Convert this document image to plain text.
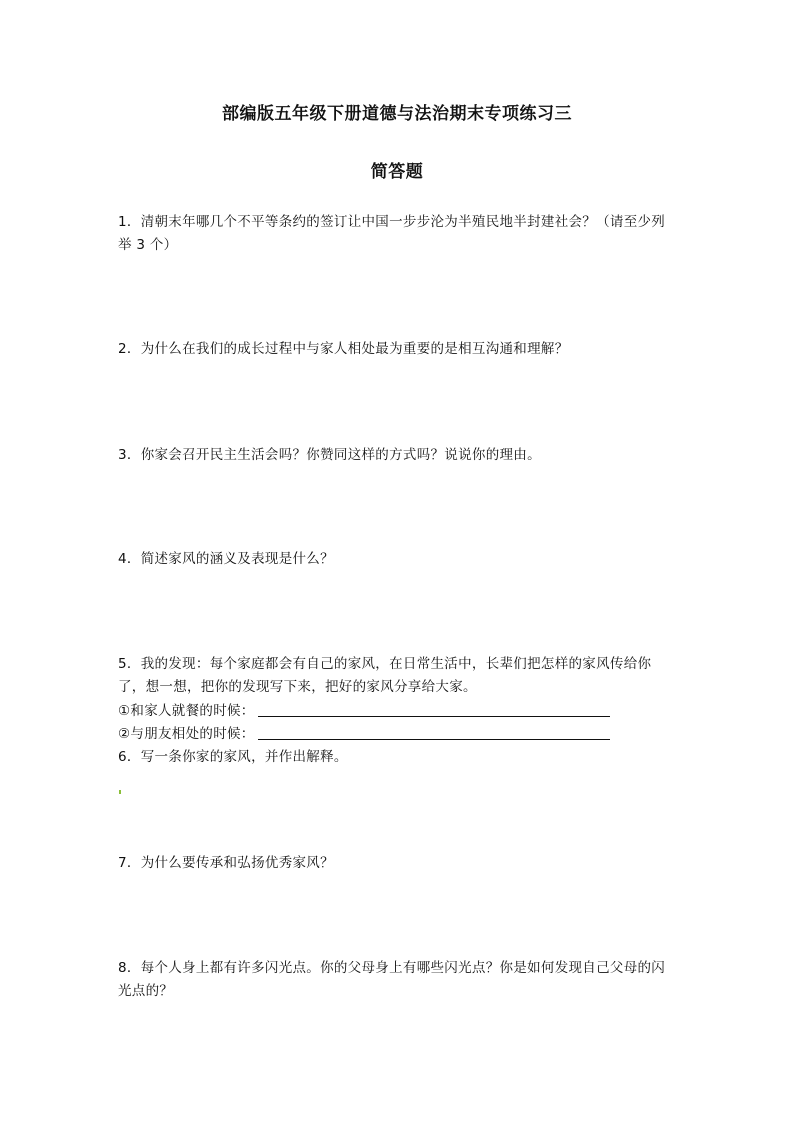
部编版五年级下册道德与法治期末专项练习三
简答题
1．清朝末年哪几个不平等条约的签订让中国一步步沦为半殖民地半封建社会？（请至少列
举 3 个）
2．为什么在我们的成长过程中与家人相处最为重要的是相互沟通和理解？
3．你家会召开民主生活会吗？你赞同这样的方式吗？说说你的理由。
4．简述家风的涵义及表现是什么？
5．我的发现：每个家庭都会有自己的家风，在日常生活中，长辈们把怎样的家风传给你
了，想一想，把你的发现写下来，把好的家风分享给大家。
①和家人就餐的时候：
②与朋友相处的时候：
6．写一条你家的家风，并作出解释。
7．为什么要传承和弘扬优秀家风？
8．每个人身上都有许多闪光点。你的父母身上有哪些闪光点？你是如何发现自己父母的闪
光点的？
